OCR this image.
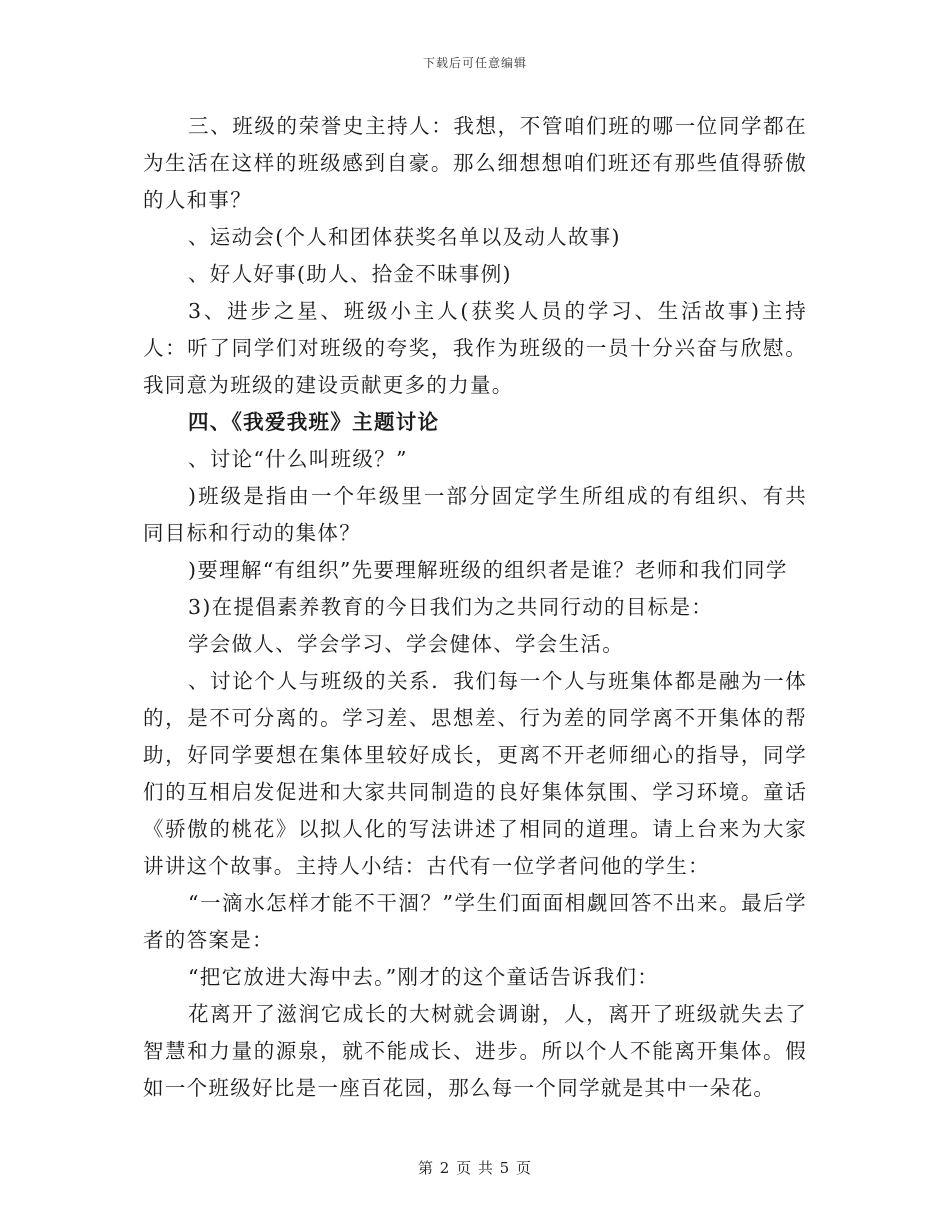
下载后可任意编辑

三、班级的荣誉史主持人：我想，不管咱们班的哪一位同学都在为生活在这样的班级感到自豪。那么细想想咱们班还有那些值得骄傲的人和事？

、运动会(个人和团体获奖名单以及动人故事)

、好人好事(助人、拾金不昧事例)

3、进步之星、班级小主人(获奖人员的学习、生活故事)主持人：听了同学们对班级的夸奖，我作为班级的一员十分兴奋与欣慰。我同意为班级的建设贡献更多的力量。

四、《我爱我班》主题讨论

、讨论“什么叫班级？”

)班级是指由一个年级里一部分固定学生所组成的有组织、有共同目标和行动的集体？

)要理解“有组织”先要理解班级的组织者是谁？老师和我们同学

3)在提倡素养教育的今日我们为之共同行动的目标是：

学会做人、学会学习、学会健体、学会生活。

、讨论个人与班级的关系．我们每一个人与班集体都是融为一体的，是不可分离的。学习差、思想差、行为差的同学离不开集体的帮助，好同学要想在集体里较好成长，更离不开老师细心的指导，同学们的互相启发促进和大家共同制造的良好集体氛围、学习环境。童话《骄傲的桃花》以拟人化的写法讲述了相同的道理。请上台来为大家讲讲这个故事。主持人小结：古代有一位学者问他的学生：

“一滴水怎样才能不干涸？”学生们面面相觑回答不出来。最后学者的答案是：

“把它放进大海中去。”刚才的这个童话告诉我们：

花离开了滋润它成长的大树就会调谢，人，离开了班级就失去了智慧和力量的源泉，就不能成长、进步。所以个人不能离开集体。假如一个班级好比是一座百花园，那么每一个同学就是其中一朵花。

第 2 页 共 5 页
